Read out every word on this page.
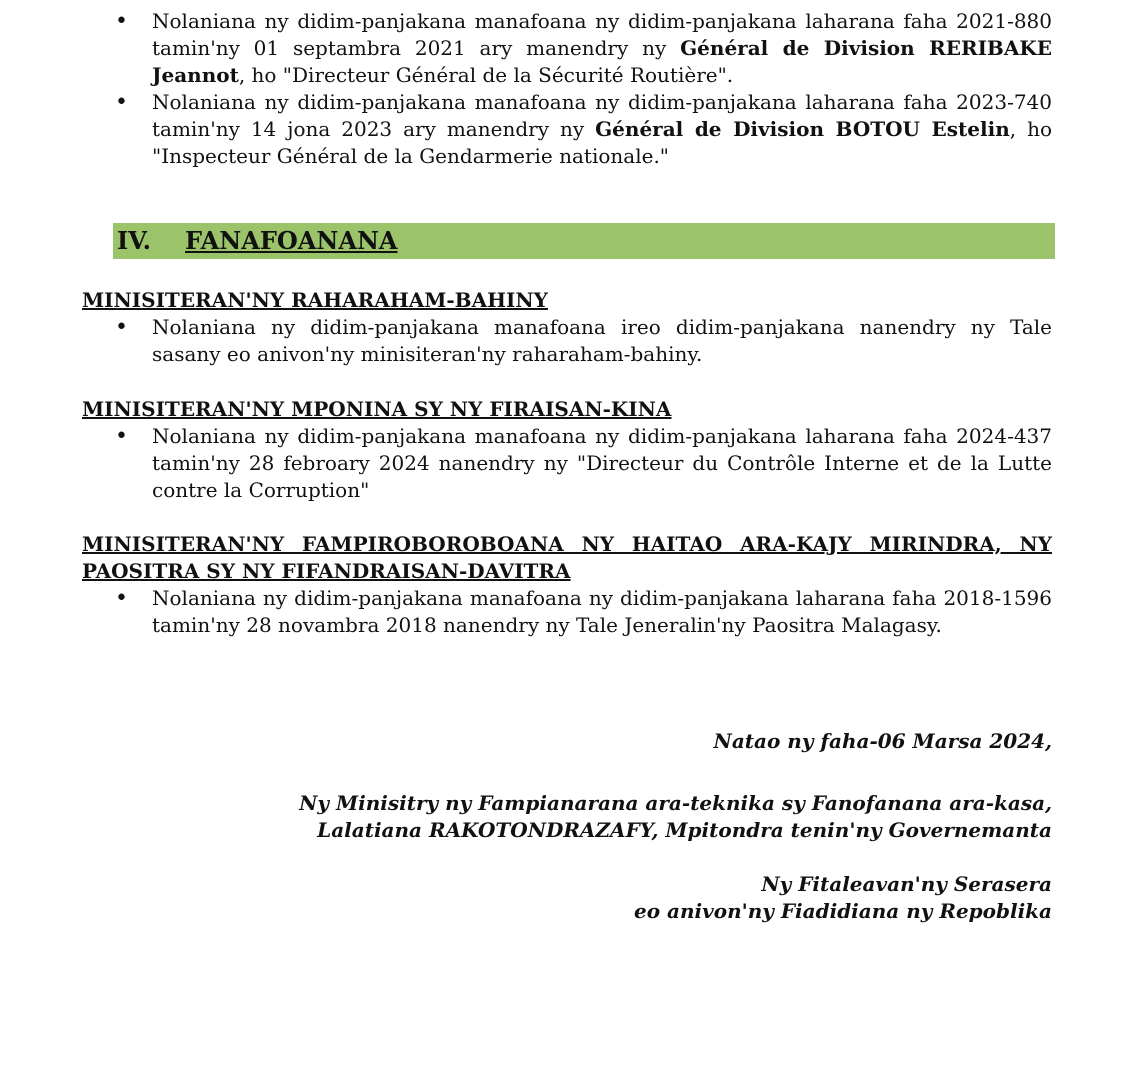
• Nolaniana ny didim-panjakana manafoana ny didim-panjakana laharana faha 2021-880 tamin'ny 01 septambra 2021 ary manendry ny Général de Division RERIBAKE Jeannot, ho "Directeur Général de la Sécurité Routière".
• Nolaniana ny didim-panjakana manafoana ny didim-panjakana laharana faha 2023-740 tamin'ny 14 jona 2023 ary manendry ny Général de Division BOTOU Estelin, ho "Inspecteur Général de la Gendarmerie nationale."
IV. FANAFOANANA
MINISITERAN'NY RAHARAHAM-BAHINY
• Nolaniana ny didim-panjakana manafoana ireo didim-panjakana nanendry ny Tale sasany eo anivon'ny minisiteran'ny raharaham-bahiny.
MINISITERAN'NY MPONINA SY NY FIRAISAN-KINA
• Nolaniana ny didim-panjakana manafoana ny didim-panjakana laharana faha 2024-437 tamin'ny 28 febroary 2024 nanendry ny "Directeur du Contrôle Interne et de la Lutte contre la Corruption"
MINISITERAN'NY FAMPIROBOROBOANA NY HAITAO ARA-KAJY MIRINDRA, NY
PAOSITRA SY NY FIFANDRAISAN-DAVITRA
• Nolaniana ny didim-panjakana manafoana ny didim-panjakana laharana faha 2018-1596 tamin'ny 28 novambra 2018 nanendry ny Tale Jeneralin'ny Paositra Malagasy.
Natao ny faha-06 Marsa 2024,
Ny Minisitry ny Fampianarana ara-teknika sy Fanofanana ara-kasa,
Lalatiana RAKOTONDRAZAFY, Mpitondra tenin'ny Governemanta
Ny Fitaleavan'ny Serasera
eo anivon'ny Fiadidiana ny Repoblika
